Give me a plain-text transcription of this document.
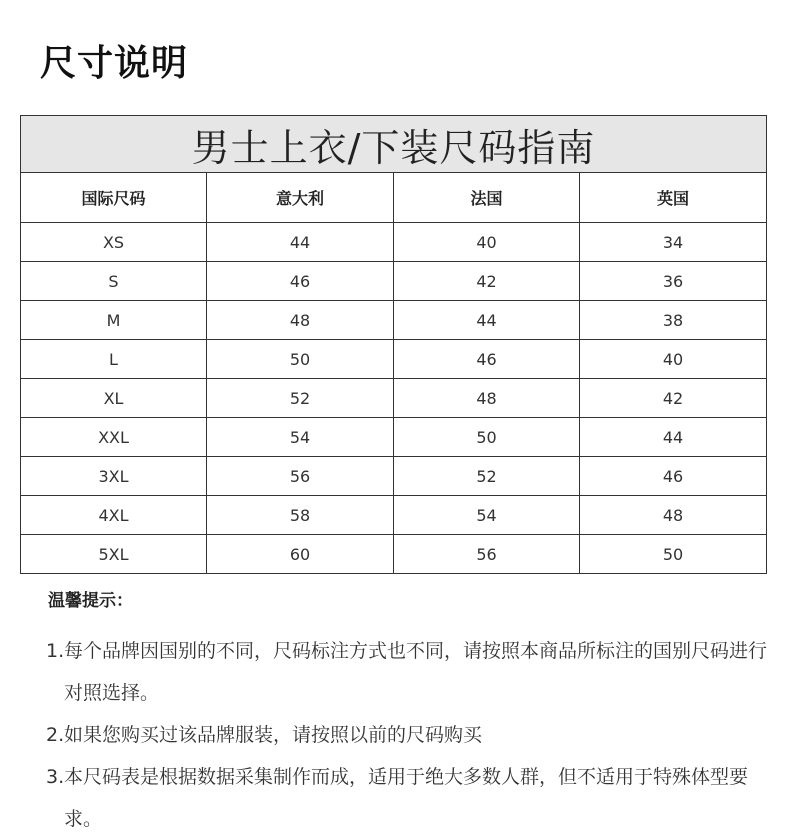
尺寸说明
男士上衣/下装尺码指南			
国际尺码	意大利	法国	英国
XS	44	40	34
S	46	42	36
M	48	44	38
L	50	46	40
XL	52	48	42
XXL	54	50	44
3XL	56	52	46
4XL	58	54	48
5XL	60	56	50
温馨提示：
1. 每个品牌因国别的不同，尺码标注方式也不同，请按照本商品所标注的国别尺码进行对照选择。
2. 如果您购买过该品牌服装，请按照以前的尺码购买
3. 本尺码表是根据数据采集制作而成，适用于绝大多数人群，但不适用于特殊体型要求。
